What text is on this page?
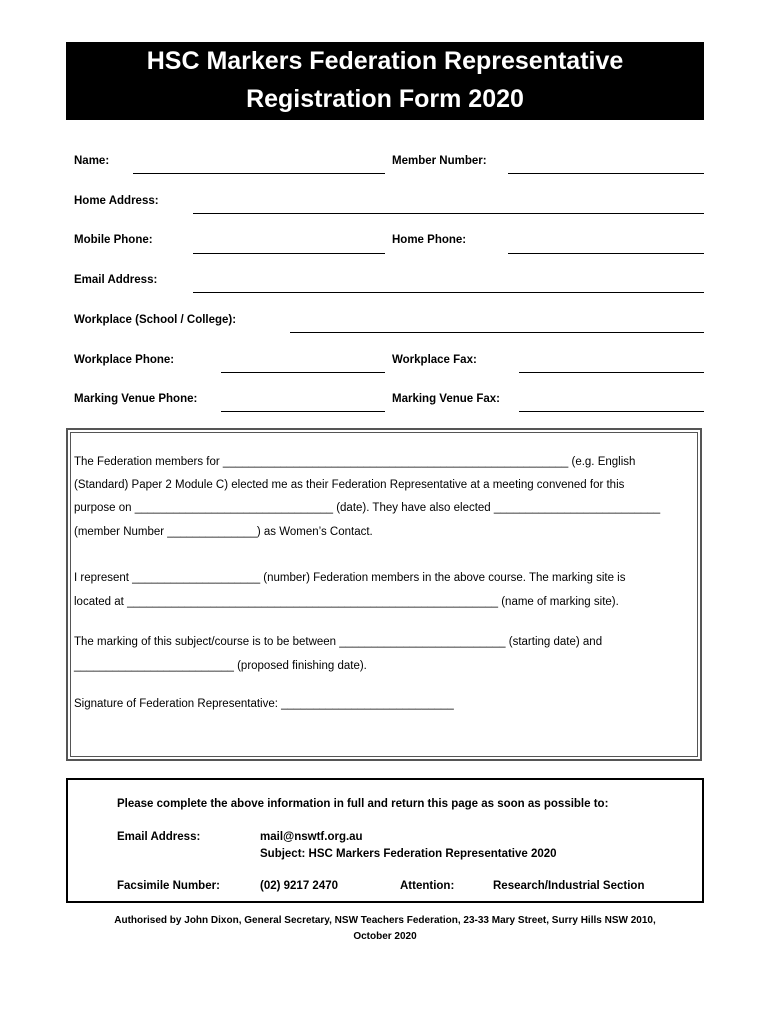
HSC Markers Federation Representative
Registration Form 2020
Name:	Member Number:
Home Address:
Mobile Phone:	Home Phone:
Email Address:
Workplace (School / College):
Workplace Phone:	Workplace Fax:
Marking Venue Phone:	Marking Venue Fax:
The Federation members for ______________________________________________________ (e.g. English
(Standard) Paper 2 Module C) elected me as their Federation Representative at a meeting convened for this
purpose on _______________________________ (date). They have also elected __________________________
(member Number ______________) as Women’s Contact.
I represent ____________________ (number) Federation members in the above course. The marking site is
located at __________________________________________________________ (name of marking site).
The marking of this subject/course is to be between __________________________ (starting date) and
_________________________ (proposed finishing date).
Signature of Federation Representative: ___________________________
Please complete the above information in full and return this page as soon as possible to:
Email Address:	mail@nswtf.org.au
Subject: HSC Markers Federation Representative 2020
Facsimile Number:	(02) 9217 2470	Attention:	Research/Industrial Section
Authorised by John Dixon, General Secretary, NSW Teachers Federation, 23-33 Mary Street, Surry Hills NSW 2010,
October 2020
